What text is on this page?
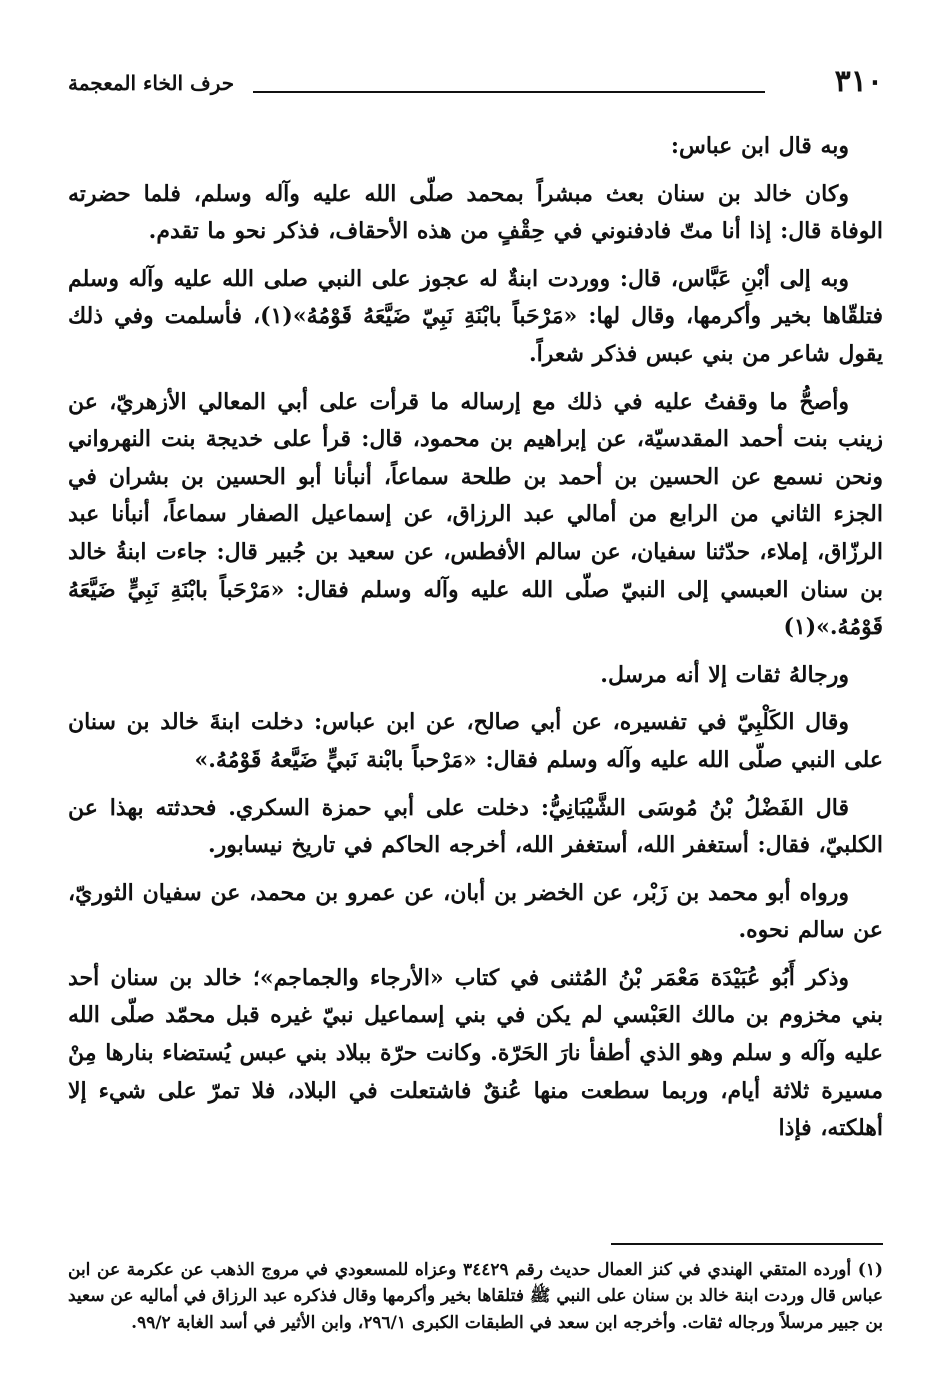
٣١٠
حرف الخاء المعجمة

وبه قال ابن عباس:

وكان خالد بن سنان بعث مبشراً بمحمد صلّى الله عليه وآله وسلم، فلما حضرته الوفاة قال: إذا أنا متّ فادفنوني في حِقْفٍ من هذه الأحقاف، فذكر نحو ما تقدم.

وبه إلى أبْنِ عَبَّاس، قال: ووردت ابنةٌ له عجوز على النبي صلى الله عليه وآله وسلم فتلقّاها بخير وأكرمها، وقال لها: «مَرْحَباً بابْنَةِ نَبِيّ ضَيَّعَهُ قَوْمُهُ»(١)، فأسلمت وفي ذلك يقول شاعر من بني عبس فذكر شعراً.

وأصحُّ ما وقفتُ عليه في ذلك مع إرساله ما قرأت على أبي المعالي الأزهريّ، عن زينب بنت أحمد المقدسيّة، عن إبراهيم بن محمود، قال: قرأ على خديجة بنت النهرواني ونحن نسمع عن الحسين بن أحمد بن طلحة سماعاً، أنبأنا أبو الحسين بن بشران في الجزء الثاني من الرابع من أمالي عبد الرزاق، عن إسماعيل الصفار سماعاً، أنبأنا عبد الرزّاق، إملاء، حدّثنا سفيان، عن سالم الأفطس، عن سعيد بن جُبير قال: جاءت ابنةُ خالد بن سنان العبسي إلى النبيّ صلّى الله عليه وآله وسلم فقال: «مَرْحَباً بابْنَةِ نَبِيٍّ ضَيَّعَهُ قَوْمُهُ.»(١)

ورجالهُ ثقات إلا أنه مرسل.

وقال الكَلْبِيّ في تفسيره، عن أبي صالح، عن ابن عباس: دخلت ابنةَ خالد بن سنان على النبي صلّى الله عليه وآله وسلم فقال: «مَرْحباً بابْنة نَبيٍّ ضَيَّعهُ قَوْمُهُ.»

قال الفَضْلُ بْنُ مُوسَى الشَّيْبَانِيُّ: دخلت على أبي حمزة السكري. فحدثته بهذا عن الكلبيّ، فقال: أستغفر الله، أستغفر الله، أخرجه الحاكم في تاريخ نيسابور.

ورواه أبو محمد بن زَبْر، عن الخضر بن أبان، عن عمرو بن محمد، عن سفيان الثوريّ، عن سالم نحوه.

وذكر أَبُو عُبَيْدَة مَعْمَر بْنُ المُثنى في كتاب «الأرجاء والجماجم»؛ خالد بن سنان أحد بني مخزوم بن مالك العَبْسي لم يكن في بني إسماعيل نبيّ غيره قبل محمّد صلّى الله عليه وآله و سلم وهو الذي أطفأ نارَ الحَرّة. وكانت حرّة ببلاد بني عبس يُستضاء بنارها مِنْ مسيرة ثلاثة أيام، وربما سطعت منها عُنقٌ فاشتعلت في البلاد، فلا تمرّ على شيء إلا أهلكته، فإذا

(١) أورده المتقي الهندي في كنز العمال حديث رقم ٣٤٤٢٩ وعزاه للمسعودي في مروج الذهب عن عكرمة عن ابن عباس قال وردت ابنة خالد بن سنان على النبي ﷺ فتلقاها بخير وأكرمها وقال فذكره عبد الرزاق في أماليه عن سعيد بن جبير مرسلاً ورجاله ثقات. وأخرجه ابن سعد في الطبقات الكبرى ٢٩٦/١، وابن الأثير في أسد الغابة ٩٩/٢.
